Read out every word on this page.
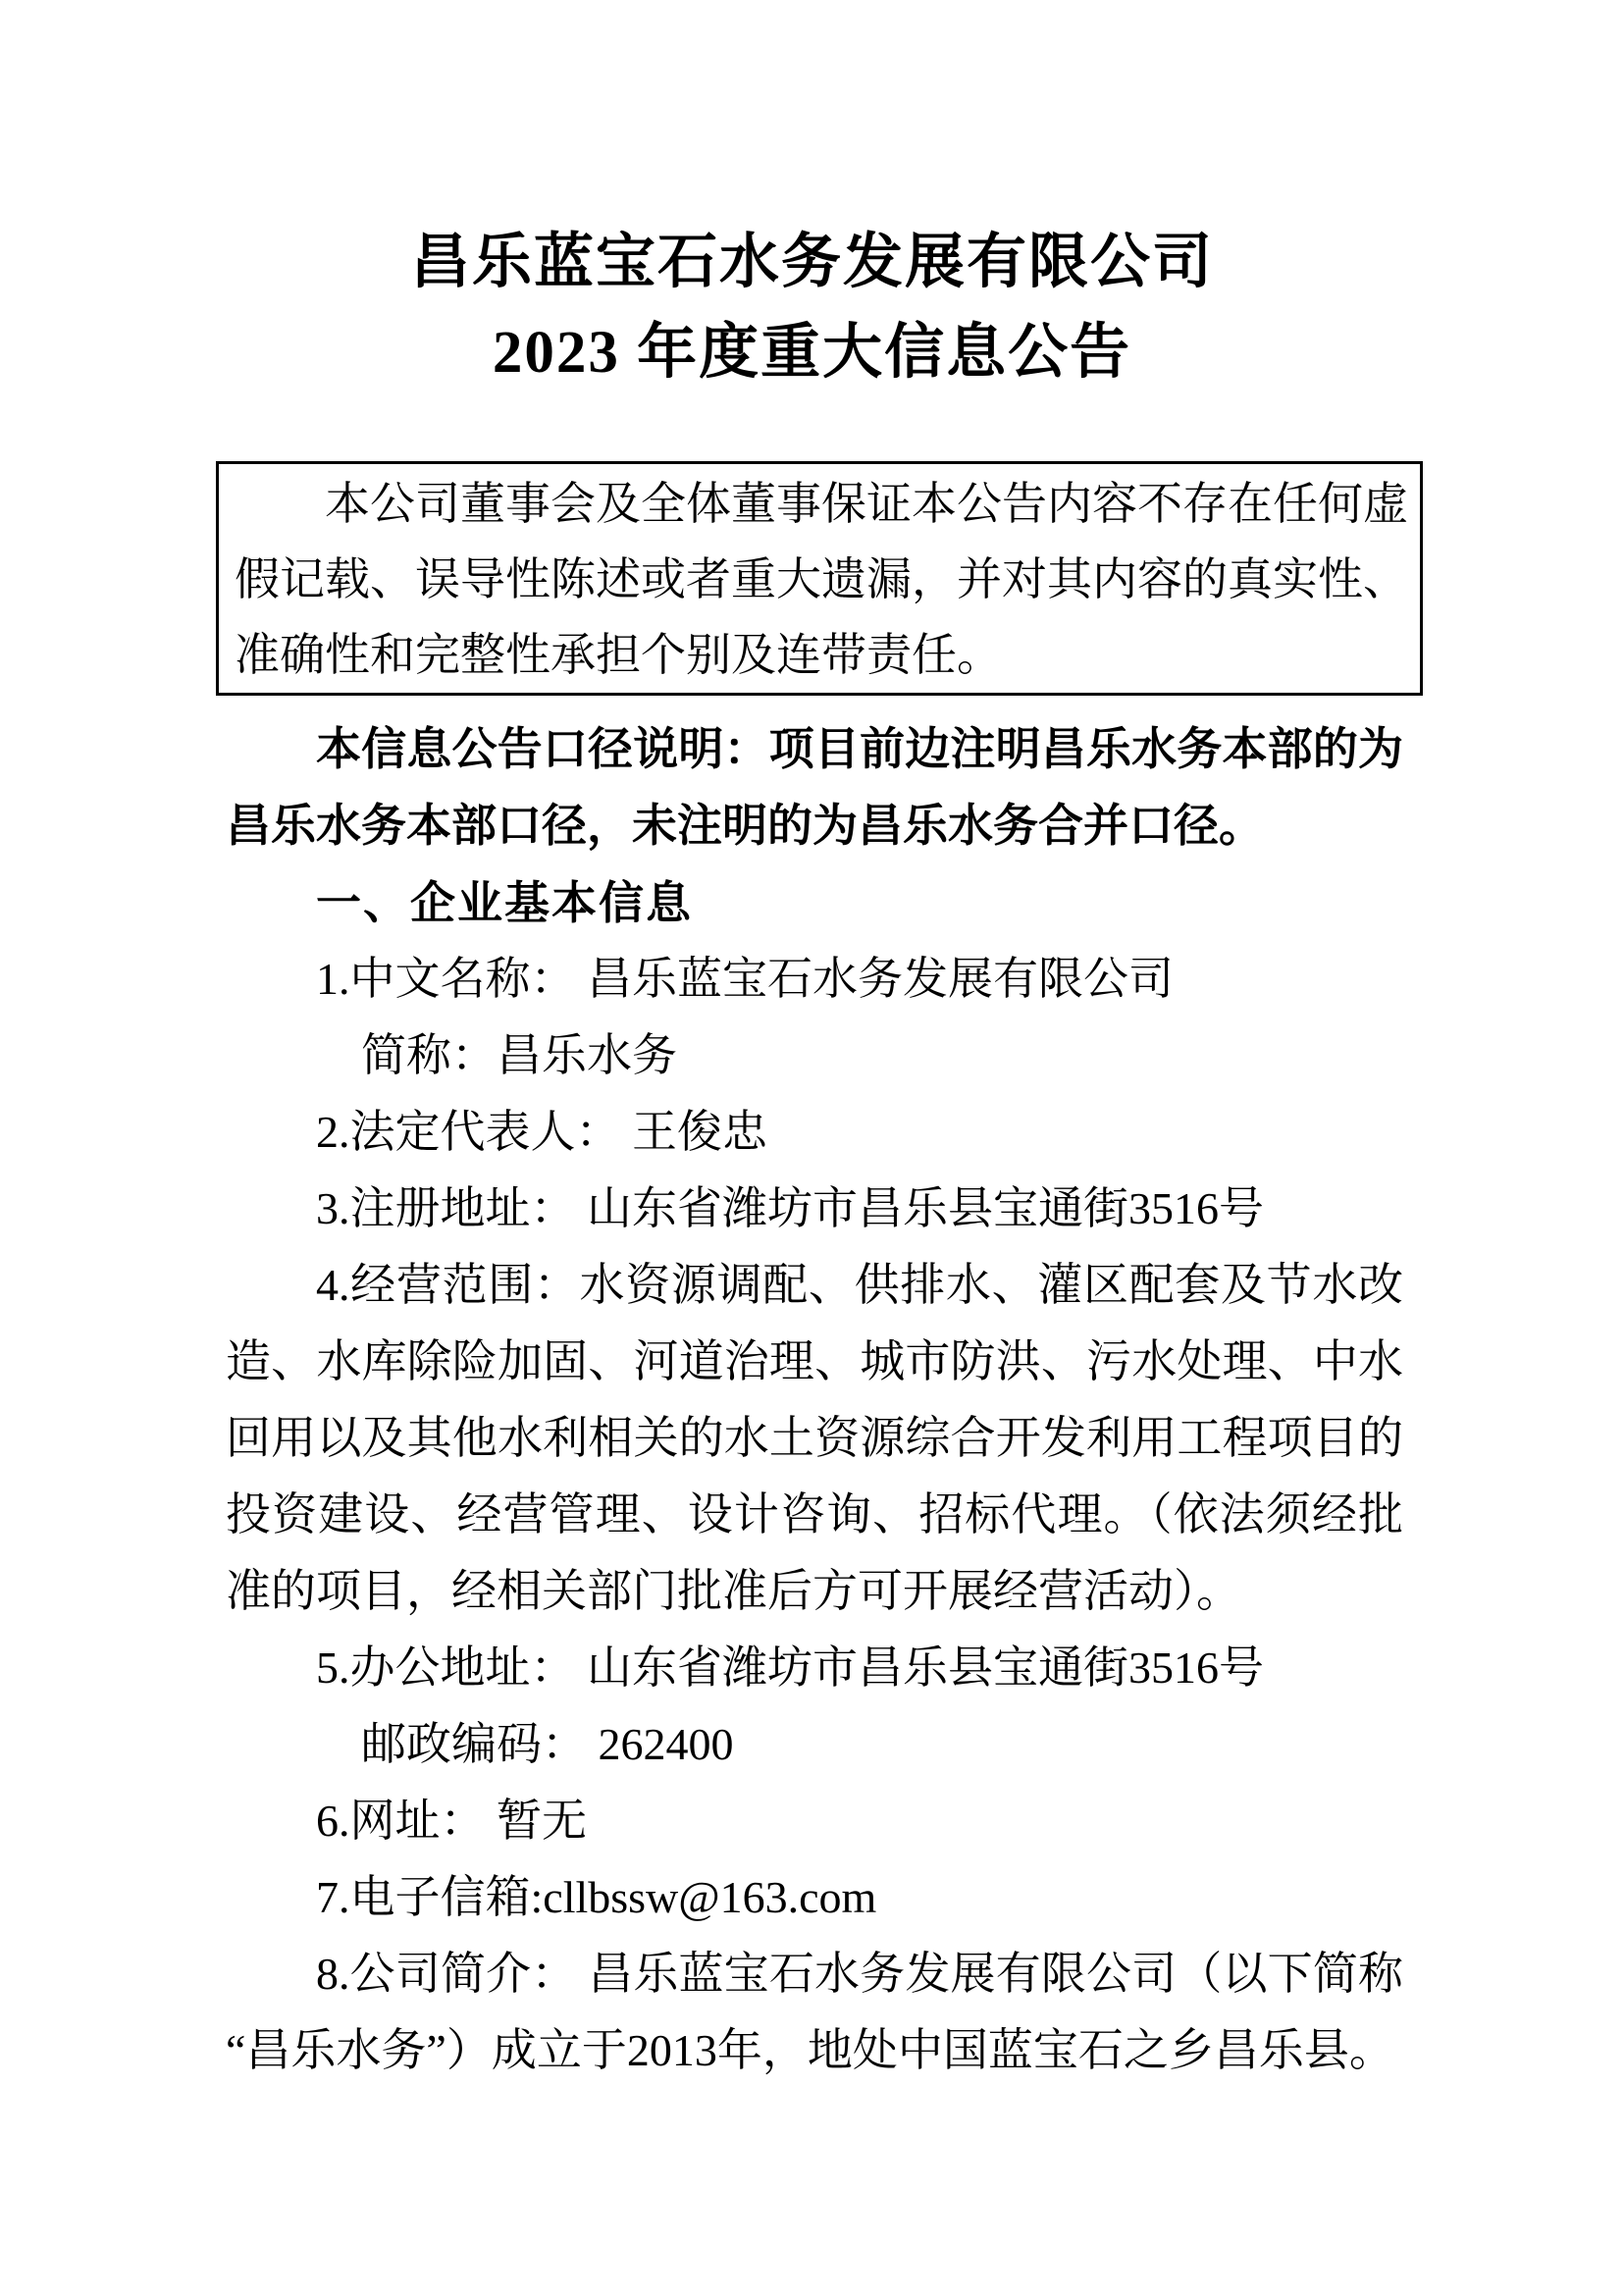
昌乐蓝宝石水务发展有限公司
2023 年度重大信息公告

本公司董事会及全体董事保证本公告内容不存在任何虚假记载、误导性陈述或者重大遗漏，并对其内容的真实性、准确性和完整性承担个别及连带责任。

本信息公告口径说明：项目前边注明昌乐水务本部的为昌乐水务本部口径，未注明的为昌乐水务合并口径。

一、企业基本信息

1.中文名称： 昌乐蓝宝石水务发展有限公司

简称：昌乐水务

2.法定代表人： 王俊忠

3.注册地址： 山东省潍坊市昌乐县宝通街3516号

4.经营范围：水资源调配、供排水、灌区配套及节水改造、水库除险加固、河道治理、城市防洪、污水处理、中水回用以及其他水利相关的水土资源综合开发利用工程项目的投资建设、经营管理、设计咨询、招标代理。（依法须经批准的项目，经相关部门批准后方可开展经营活动）。

5.办公地址： 山东省潍坊市昌乐县宝通街3516号

邮政编码： 262400

6.网址： 暂无

7.电子信箱:cllbssw@163.com

8.公司简介： 昌乐蓝宝石水务发展有限公司（以下简称“昌乐水务”）成立于2013年，地处中国蓝宝石之乡昌乐县。
